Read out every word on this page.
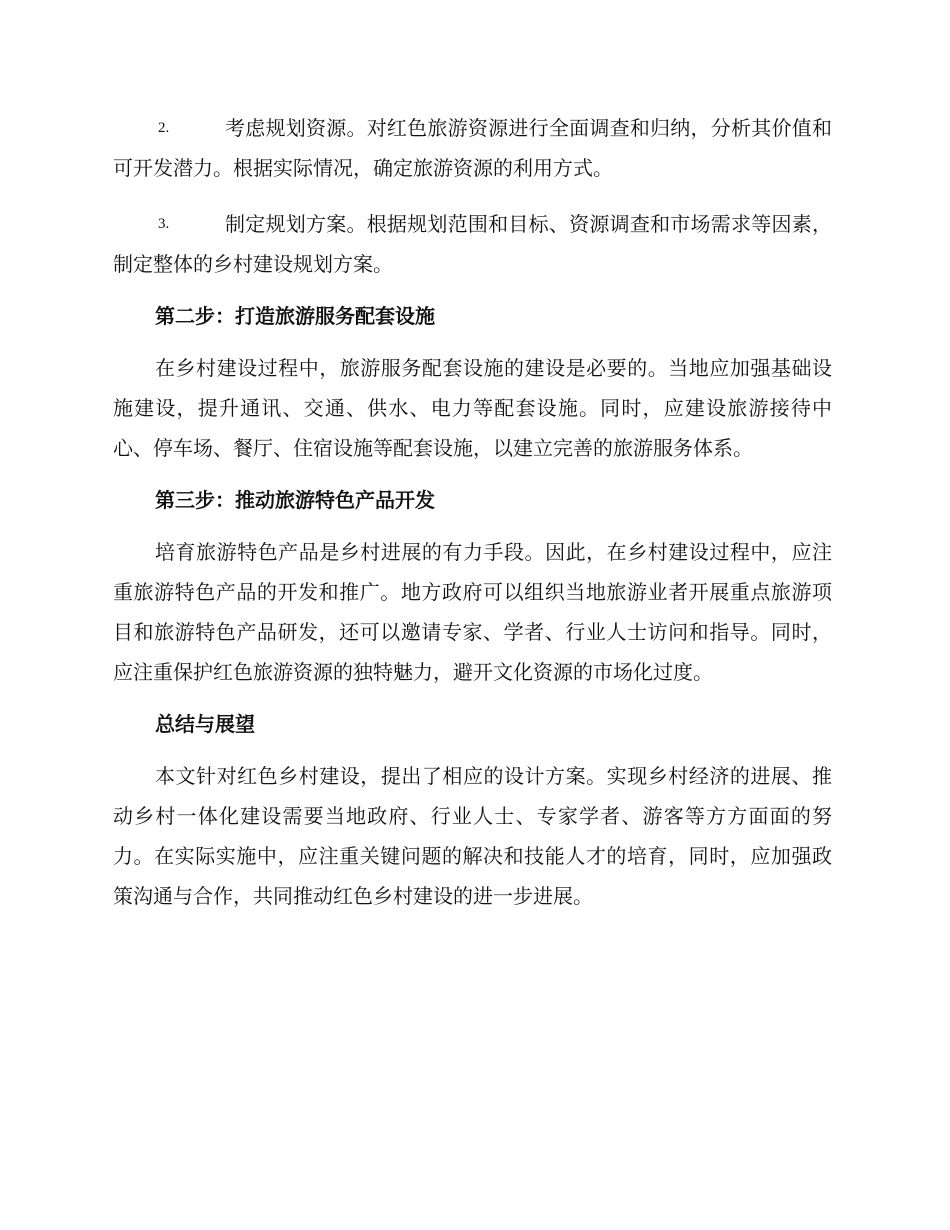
2.	考虑规划资源。对红色旅游资源进行全面调查和归纳，分析其价值和可开发潜力。根据实际情况，确定旅游资源的利用方式。

3.	制定规划方案。根据规划范围和目标、资源调查和市场需求等因素，制定整体的乡村建设规划方案。

第二步：打造旅游服务配套设施

在乡村建设过程中，旅游服务配套设施的建设是必要的。当地应加强基础设施建设，提升通讯、交通、供水、电力等配套设施。同时，应建设旅游接待中心、停车场、餐厅、住宿设施等配套设施，以建立完善的旅游服务体系。

第三步：推动旅游特色产品开发

培育旅游特色产品是乡村进展的有力手段。因此，在乡村建设过程中，应注重旅游特色产品的开发和推广。地方政府可以组织当地旅游业者开展重点旅游项目和旅游特色产品研发，还可以邀请专家、学者、行业人士访问和指导。同时，应注重保护红色旅游资源的独特魅力，避开文化资源的市场化过度。

总结与展望

本文针对红色乡村建设，提出了相应的设计方案。实现乡村经济的进展、推动乡村一体化建设需要当地政府、行业人士、专家学者、游客等方方面面的努力。在实际实施中，应注重关键问题的解决和技能人才的培育，同时，应加强政策沟通与合作，共同推动红色乡村建设的进一步进展。
